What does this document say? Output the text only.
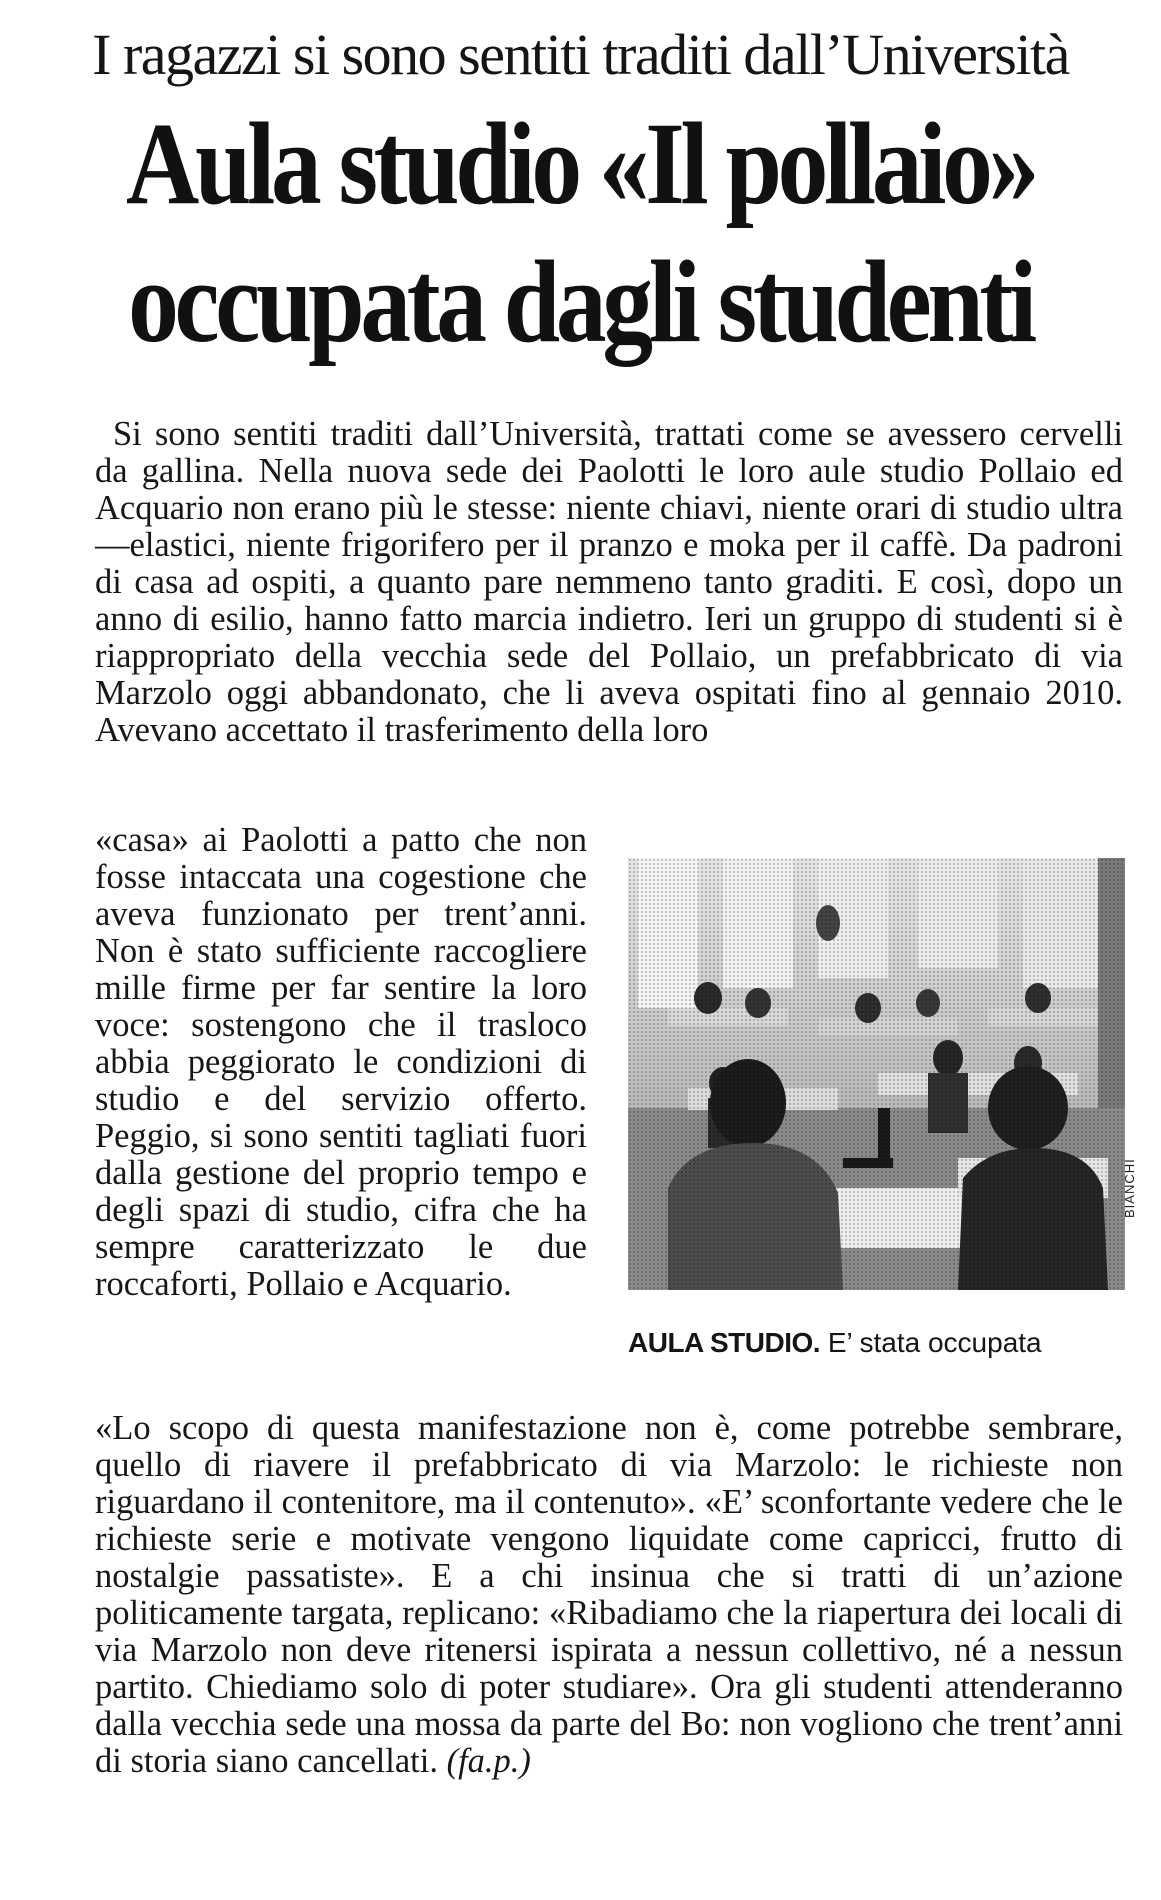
I ragazzi si sono sentiti traditi dall’Università
Aula studio «Il pollaio»
occupata dagli studenti
Si sono sentiti traditi dall’Università, trattati come se avessero cervelli da gallina. Nella nuova sede dei Paolotti le loro aule studio Pollaio ed Acquario non erano più le stesse: niente chiavi, niente orari di studio ultra—elastici, niente frigorifero per il pranzo e moka per il caffè. Da padroni di casa ad ospiti, a quanto pare nemmeno tanto graditi. E così, dopo un anno di esilio, hanno fatto marcia indietro. Ieri un gruppo di studenti si è riappropriato della vecchia sede del Pollaio, un prefabbricato di via Marzolo oggi abbandonato, che li aveva ospitati fino al gennaio 2010. Avevano accettato il trasferimento della loro
«casa» ai Paolotti a patto che non fosse intaccata una cogestione che aveva funzionato per trent’anni. Non è stato sufficiente raccogliere mille firme per far sentire la loro voce: sostengono che il trasloco abbia peggiorato le condizioni di studio e del servizio offerto. Peggio, si sono sentiti tagliati fuori dalla gestione del proprio tempo e degli spazi di studio, cifra che ha sempre caratterizzato le due roccaforti, Pollaio e Acquario.
BIANCHI
AULA STUDIO. E’ stata occupata
«Lo scopo di questa manifestazione non è, come potrebbe sembrare, quello di riavere il prefabbricato di via Marzolo: le richieste non riguardano il contenitore, ma il contenuto». «E’ sconfortante vedere che le richieste serie e motivate vengono liquidate come capricci, frutto di nostalgie passatiste». E a chi insinua che si tratti di un’azione politicamente targata, replicano: «Ribadiamo che la riapertura dei locali di via Marzolo non deve ritenersi ispirata a nessun collettivo, né a nessun partito. Chiediamo solo di poter studiare». Ora gli studenti attenderanno dalla vecchia sede una mossa da parte del Bo: non vogliono che trent’anni di storia siano cancellati. (fa.p.)
